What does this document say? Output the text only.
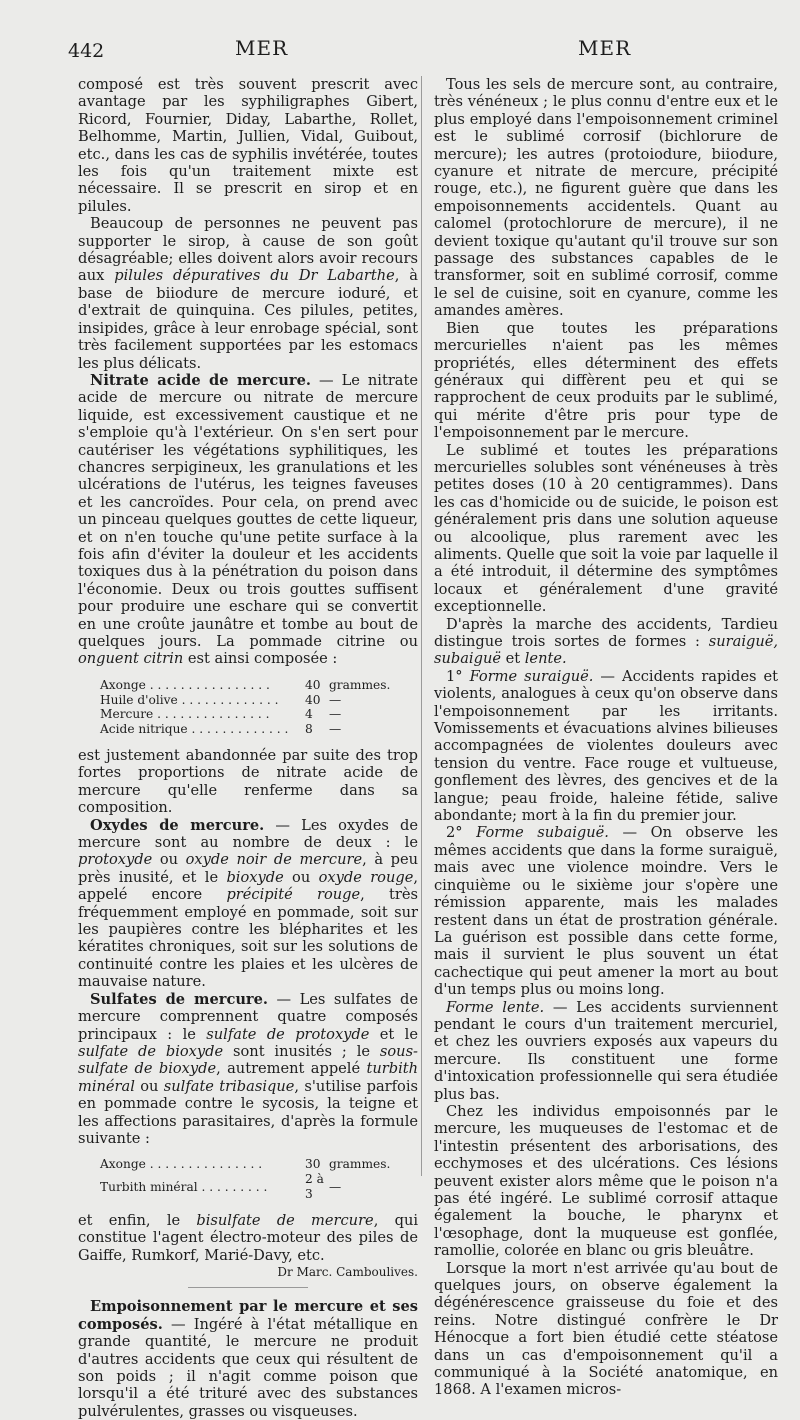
442	MER	MER

composé est très souvent prescrit avec avantage par les syphiligraphes Gibert, Ricord, Fournier, Diday, Labarthe, Rollet, Belhomme, Martin, Jullien, Vidal, Guibout, etc., dans les cas de syphilis invétérée, toutes les fois qu'un traitement mixte est nécessaire. Il se prescrit en sirop et en pilules.

Beaucoup de personnes ne peuvent pas supporter le sirop, à cause de son goût désagréable; elles doivent alors avoir recours aux pilules dépuratives du Dr Labarthe, à base de biiodure de mercure ioduré, et d'extrait de quinquina. Ces pilules, petites, insipides, grâce à leur enrobage spécial, sont très facilement supportées par les estomacs les plus délicats.

Nitrate acide de mercure. — Le nitrate acide de mercure ou nitrate de mercure liquide, est excessivement caustique et ne s'emploie qu'à l'extérieur. On s'en sert pour cautériser les végétations syphilitiques, les chancres serpigineux, les granulations et les ulcérations de l'utérus, les teignes faveuses et les cancroïdes. Pour cela, on prend avec un pinceau quelques gouttes de cette liqueur, et on n'en touche qu'une petite surface à la fois afin d'éviter la douleur et les accidents toxiques dus à la pénétration du poison dans l'économie. Deux ou trois gouttes suffisent pour produire une eschare qui se convertit en une croûte jaunâtre et tombe au bout de quelques jours. La pommade citrine ou onguent citrin est ainsi composée :

Axonge . . . . . . . . . . . . . . . .	40	grammes.
Huile d'olive . . . . . . . . . . . . .	40	—
Mercure . . . . . . . . . . . . . . .	4	—
Acide nitrique . . . . . . . . . . . . .	8	—

est justement abandonnée par suite des trop fortes proportions de nitrate acide de mercure qu'elle renferme dans sa composition.

Oxydes de mercure. — Les oxydes de mercure sont au nombre de deux : le protoxyde ou oxyde noir de mercure, à peu près inusité, et le bioxyde ou oxyde rouge, appelé encore précipité rouge, très fréquemment employé en pommade, soit sur les paupières contre les blépharites et les kératites chroniques, soit sur les solutions de continuité contre les plaies et les ulcères de mauvaise nature.

Sulfates de mercure. — Les sulfates de mercure comprennent quatre composés principaux : le sulfate de protoxyde et le sulfate de bioxyde sont inusités ; le sous-sulfate de bioxyde, autrement appelé turbith minéral ou sulfate tribasique, s'utilise parfois en pommade contre le sycosis, la teigne et les affections parasitaires, d'après la formule suivante :

Axonge . . . . . . . . . . . . . . .	30	grammes.
Turbith minéral . . . . . . . . .	2 à 3	—

et enfin, le bisulfate de mercure, qui constitue l'agent électro-moteur des piles de Gaiffe, Rumkorf, Marié-Davy, etc.

Dr Marc. Camboulives.

Empoisonnement par le mercure et ses composés. — Ingéré à l'état métallique en grande quantité, le mercure ne produit d'autres accidents que ceux qui résultent de son poids ; il n'agit comme poison que lorsqu'il a été trituré avec des substances pulvérulentes, grasses ou visqueuses.

Tous les sels de mercure sont, au contraire, très vénéneux ; le plus connu d'entre eux et le plus employé dans l'empoisonnement criminel est le sublimé corrosif (bichlorure de mercure); les autres (protoiodure, biiodure, cyanure et nitrate de mercure, précipité rouge, etc.), ne figurent guère que dans les empoisonnements accidentels. Quant au calomel (protochlorure de mercure), il ne devient toxique qu'autant qu'il trouve sur son passage des substances capables de le transformer, soit en sublimé corrosif, comme le sel de cuisine, soit en cyanure, comme les amandes amères.

Bien que toutes les préparations mercurielles n'aient pas les mêmes propriétés, elles déterminent des effets généraux qui diffèrent peu et qui se rapprochent de ceux produits par le sublimé, qui mérite d'être pris pour type de l'empoisonnement par le mercure.

Le sublimé et toutes les préparations mercurielles solubles sont vénéneuses à très petites doses (10 à 20 centigrammes). Dans les cas d'homicide ou de suicide, le poison est généralement pris dans une solution aqueuse ou alcoolique, plus rarement avec les aliments. Quelle que soit la voie par laquelle il a été introduit, il détermine des symptômes locaux et généralement d'une gravité exceptionnelle.

D'après la marche des accidents, Tardieu distingue trois sortes de formes : suraiguë, subaiguë et lente.

1° Forme suraiguë. — Accidents rapides et violents, analogues à ceux qu'on observe dans l'empoisonnement par les irritants. Vomissements et évacuations alvines bilieuses accompagnées de violentes douleurs avec tension du ventre. Face rouge et vultueuse, gonflement des lèvres, des gencives et de la langue; peau froide, haleine fétide, salive abondante; mort à la fin du premier jour.

2° Forme subaiguë. — On observe les mêmes accidents que dans la forme suraiguë, mais avec une violence moindre. Vers le cinquième ou le sixième jour s'opère une rémission apparente, mais les malades restent dans un état de prostration générale. La guérison est possible dans cette forme, mais il survient le plus souvent un état cachectique qui peut amener la mort au bout d'un temps plus ou moins long.

Forme lente. — Les accidents surviennent pendant le cours d'un traitement mercuriel, et chez les ouvriers exposés aux vapeurs du mercure. Ils constituent une forme d'intoxication professionnelle qui sera étudiée plus bas.

Chez les individus empoisonnés par le mercure, les muqueuses de l'estomac et de l'intestin présentent des arborisations, des ecchymoses et des ulcérations. Ces lésions peuvent exister alors même que le poison n'a pas été ingéré. Le sublimé corrosif attaque également la bouche, le pharynx et l'œsophage, dont la muqueuse est gonflée, ramollie, colorée en blanc ou gris bleuâtre.

Lorsque la mort n'est arrivée qu'au bout de quelques jours, on observe également la dégénérescence graisseuse du foie et des reins. Notre distingué confrère le Dr Hénocque a fort bien étudié cette stéatose dans un cas d'empoisonnement qu'il a communiqué à la Société anatomique, en 1868. A l'examen micros-
